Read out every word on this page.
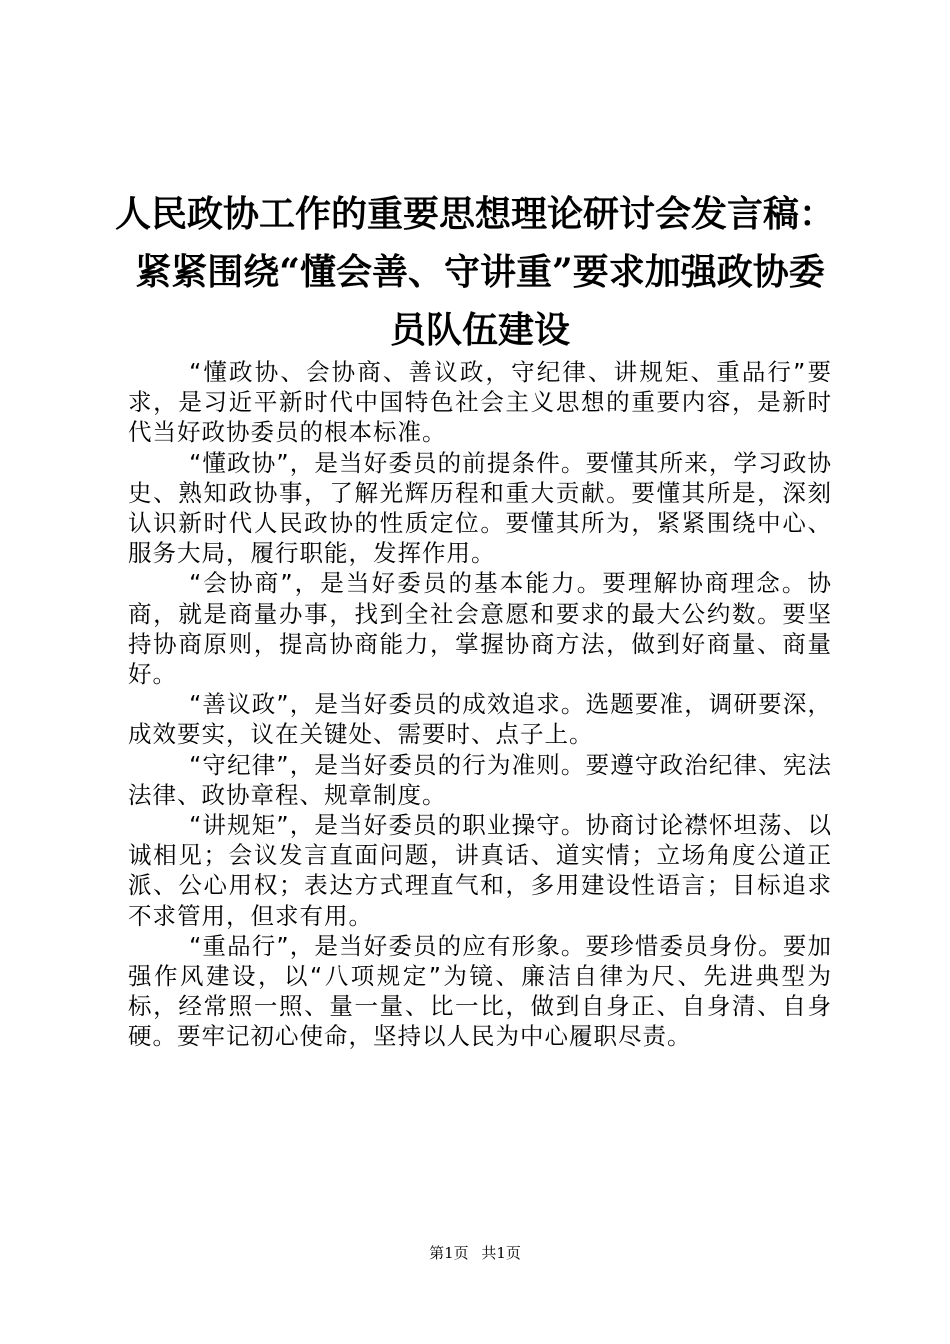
人民政协工作的重要思想理论研讨会发言稿：
紧紧围绕“懂会善、守讲重”要求加强政协委
员队伍建设

“懂政协、会协商、善议政，守纪律、讲规矩、重品行”要求，是习近平新时代中国特色社会主义思想的重要内容，是新时代当好政协委员的根本标准。

“懂政协”，是当好委员的前提条件。要懂其所来，学习政协史、熟知政协事，了解光辉历程和重大贡献。要懂其所是，深刻认识新时代人民政协的性质定位。要懂其所为，紧紧围绕中心、服务大局，履行职能，发挥作用。

“会协商”，是当好委员的基本能力。要理解协商理念。协商，就是商量办事，找到全社会意愿和要求的最大公约数。要坚持协商原则，提高协商能力，掌握协商方法，做到好商量、商量好。

“善议政”，是当好委员的成效追求。选题要准，调研要深，成效要实，议在关键处、需要时、点子上。

“守纪律”，是当好委员的行为准则。要遵守政治纪律、宪法法律、政协章程、规章制度。

“讲规矩”，是当好委员的职业操守。协商讨论襟怀坦荡、以诚相见；会议发言直面问题，讲真话、道实情；立场角度公道正派、公心用权；表达方式理直气和，多用建设性语言；目标追求不求管用，但求有用。

“重品行”，是当好委员的应有形象。要珍惜委员身份。要加强作风建设，以“八项规定”为镜、廉洁自律为尺、先进典型为标，经常照一照、量一量、比一比，做到自身正、自身清、自身硬。要牢记初心使命，坚持以人民为中心履职尽责。

第1页 共1页
